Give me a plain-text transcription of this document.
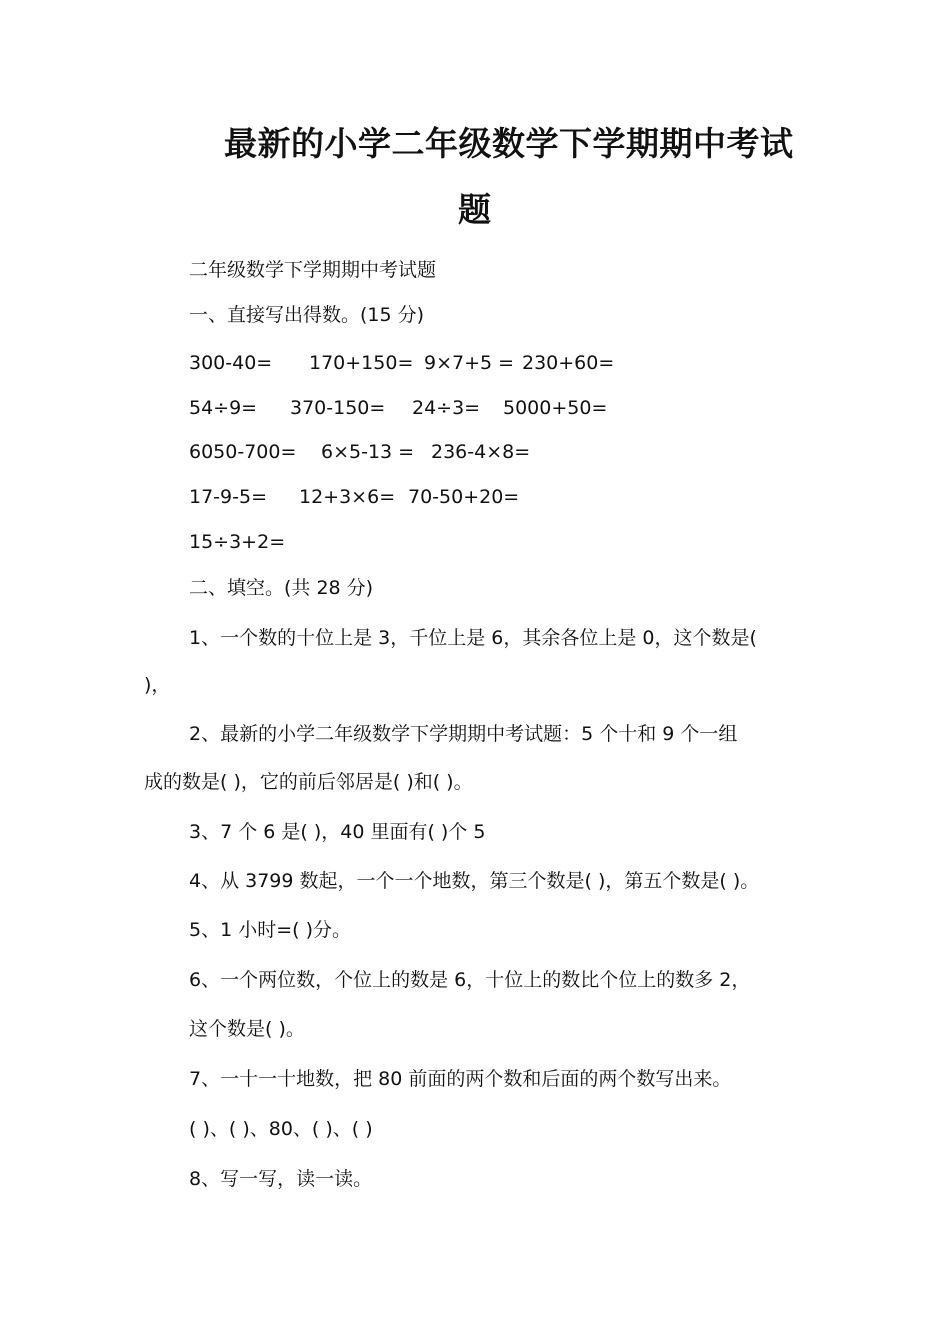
最新的小学二年级数学下学期期中考试
题
二年级数学下学期期中考试题
一、直接写出得数。(15 分)
300-40= 170+150= 9×7+5 = 230+60=
54÷9= 370-150= 24÷3= 5000+50=
6050-700= 6×5-13 = 236-4×8=
17-9-5= 12+3×6= 70-50+20=
15÷3+2=
二、填空。(共 28 分)
1、一个数的十位上是 3，千位上是 6，其余各位上是 0，这个数是(
)，
2、最新的小学二年级数学下学期期中考试题：5 个十和 9 个一组
成的数是( )，它的前后邻居是( )和( )。
3、7 个 6 是( )，40 里面有( )个 5
4、从 3799 数起，一个一个地数，第三个数是( )，第五个数是( )。
5、1 小时=( )分。
6、一个两位数，个位上的数是 6，十位上的数比个位上的数多 2，
这个数是( )。
7、一十一十地数，把 80 前面的两个数和后面的两个数写出来。
( )、( )、80、( )、( )
8、写一写，读一读。
